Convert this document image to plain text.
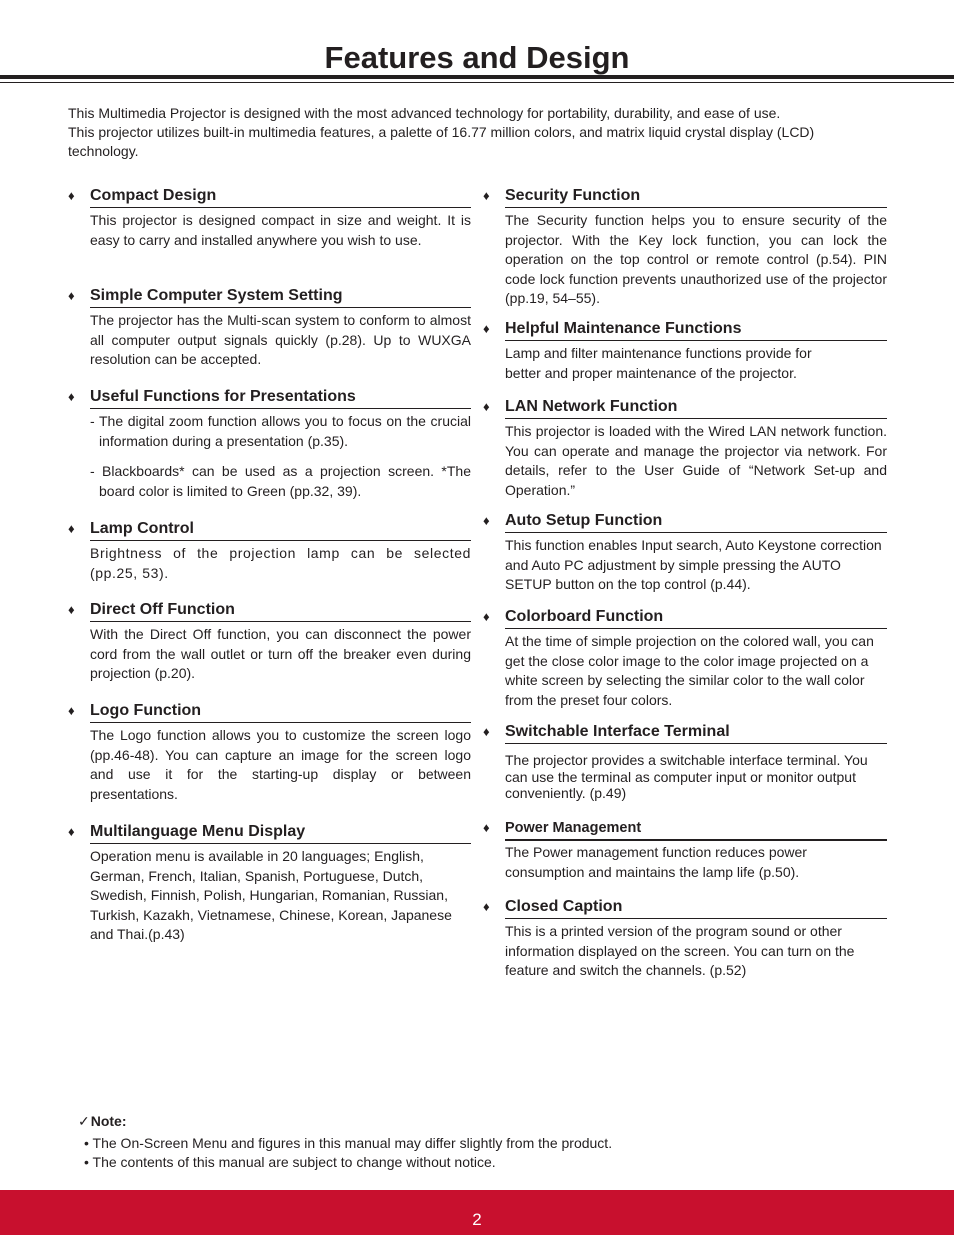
Features and Design

This Multimedia Projector is designed with the most advanced technology for portability, durability, and ease of use.

This projector utilizes built-in multimedia features, a palette of 16.77 million colors, and matrix liquid crystal display (LCD) technology.

♦ Compact Design

This projector is designed compact in size and weight. It is easy to carry and installed anywhere you wish to use.

♦ Simple Computer System Setting

The projector has the Multi-scan system to conform to almost all computer output signals quickly (p.28). Up to WUXGA resolution can be accepted.

♦ Useful Functions for Presentations

- The digital zoom function allows you to focus on the crucial information during a presentation (p.35).

- Blackboards* can be used as a projection screen. *The board color is limited to Green (pp.32, 39).

♦ Lamp Control

Brightness of the projection lamp can be selected (pp.25, 53).

♦ Direct Off Function

With the Direct Off function, you can disconnect the power cord from the wall outlet or turn off the breaker even during projection (p.20).

♦ Logo Function

The Logo function allows you to customize the screen logo (pp.46-48). You can capture an image for the screen logo and use it for the starting-up display or between presentations.

♦ Multilanguage Menu Display

Operation menu is available in 20 languages; English, German, French, Italian, Spanish, Portuguese, Dutch, Swedish, Finnish, Polish, Hungarian, Romanian, Russian, Turkish, Kazakh, Vietnamese, Chinese, Korean, Japanese and Thai.(p.43)

♦ Security Function

The Security function helps you to ensure security of the projector. With the Key lock function, you can lock the operation on the top control or remote control (p.54). PIN code lock function prevents unauthorized use of the projector (pp.19, 54–55).

♦ Helpful Maintenance Functions

Lamp and filter maintenance functions provide for better and proper maintenance of the projector.

♦ LAN Network Function

This projector is loaded with the Wired LAN network function. You can operate and manage the projector via network. For details, refer to the User Guide of “Network Set-up and Operation.”

♦ Auto Setup Function

This function enables Input search, Auto Keystone correction and Auto PC adjustment by simple pressing the AUTO SETUP button on the top control (p.44).

♦ Colorboard Function

At the time of simple projection on the colored wall, you can get the close color image to the color image projected on a white screen by selecting the similar color to the wall color from the preset four colors.

♦ Switchable Interface Terminal

The projector provides a switchable interface terminal. You can use the terminal as computer input or monitor output conveniently. (p.49)

♦ Power Management

The Power management function reduces power consumption and maintains the lamp life (p.50).

♦ Closed Caption

This is a printed version of the program sound or other information displayed on the screen. You can turn on the feature and switch the channels. (p.52)

✓Note:
• The On-Screen Menu and figures in this manual may differ slightly from the product.
• The contents of this manual are subject to change without notice.
2
